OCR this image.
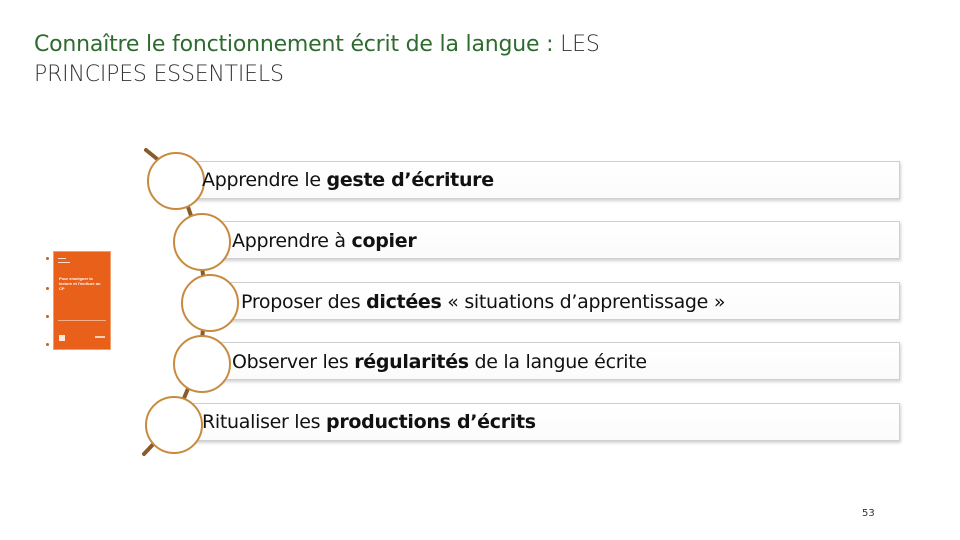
Connaître le fonctionnement écrit de la langue : LES PRINCIPES ESSENTIELS
Pour enseigner la lecture et l'écriture au CP
Apprendre le geste d’écriture
Apprendre à copier
Proposer des dictées « situations d’apprentissage »
Observer les régularités de la langue écrite
Ritualiser les productions d’écrits
53
